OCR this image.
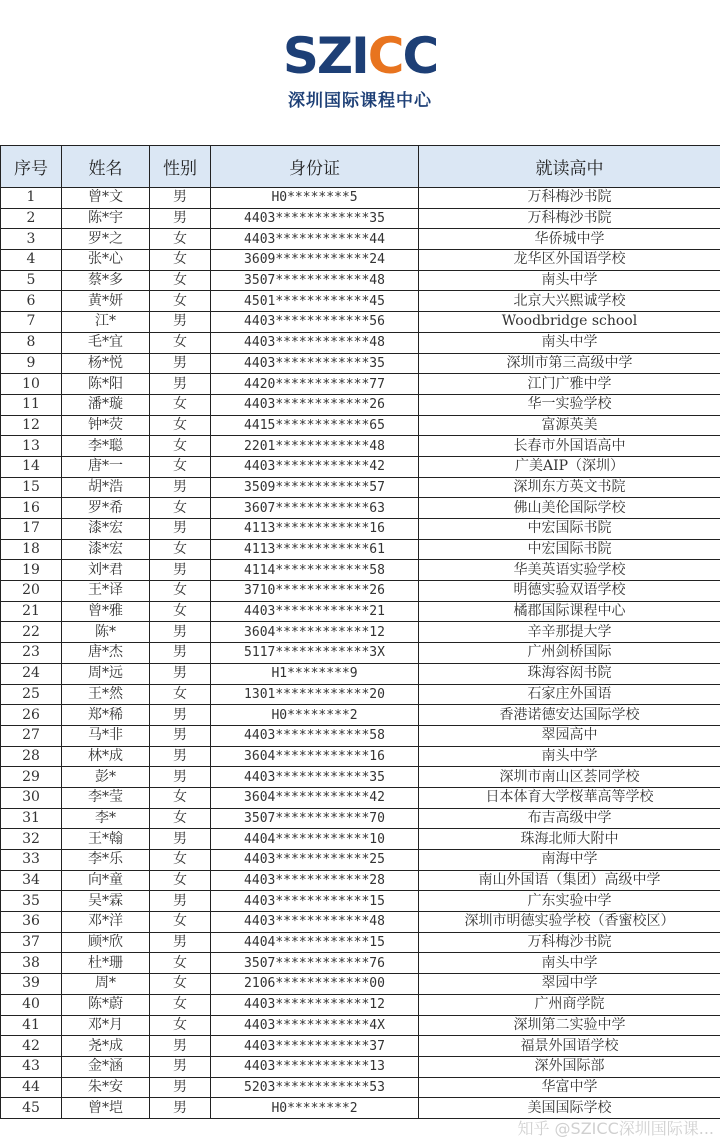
SZICC
深圳国际课程中心
序号	姓名	性别	身份证	就读高中
1	曾*文	男	H0********5	万科梅沙书院
2	陈*宇	男	4403************35	万科梅沙书院
3	罗*之	女	4403************44	华侨城中学
4	张*心	女	3609************24	龙华区外国语学校
5	蔡*多	女	3507************48	南头中学
6	黄*妍	女	4501************45	北京大兴熙诚学校
7	江*	男	4403************56	Woodbridge school
8	毛*宜	女	4403************48	南头中学
9	杨*悦	男	4403************35	深圳市第三高级中学
10	陈*阳	男	4420************77	江门广雅中学
11	潘*璇	女	4403************26	华一实验学校
12	钟*荧	女	4415************65	富源英美
13	李*聪	女	2201************48	长春市外国语高中
14	唐*一	女	4403************42	广美AIP（深圳）
15	胡*浩	男	3509************57	深圳东方英文书院
16	罗*希	女	3607************63	佛山美伦国际学校
17	漆*宏	男	4113************16	中宏国际书院
18	漆*宏	女	4113************61	中宏国际书院
19	刘*君	男	4114************58	华美英语实验学校
20	王*译	女	3710************26	明德实验双语学校
21	曾*雅	女	4403************21	橘郡国际课程中心
22	陈*	男	3604************12	辛辛那提大学
23	唐*杰	男	5117************3X	广州剑桥国际
24	周*远	男	H1********9	珠海容闳书院
25	王*然	女	1301************20	石家庄外国语
26	郑*稀	男	H0********2	香港诺德安达国际学校
27	马*非	男	4403************58	翠园高中
28	林*成	男	3604************16	南头中学
29	彭*	男	4403************35	深圳市南山区荟同学校
30	李*莹	女	3604************42	日本体育大学桜華高等学校
31	李*	女	3507************70	布吉高级中学
32	王*翰	男	4404************10	珠海北师大附中
33	李*乐	女	4403************25	南海中学
34	向*童	女	4403************28	南山外国语（集团）高级中学
35	吴*霖	男	4403************15	广东实验中学
36	邓*洋	女	4403************48	深圳市明德实验学校（香蜜校区）
37	顾*欣	男	4404************15	万科梅沙书院
38	杜*珊	女	3507************76	南头中学
39	周*	女	2106************00	翠园中学
40	陈*蔚	女	4403************12	广州商学院
41	邓*月	女	4403************4X	深圳第二实验中学
42	尧*成	男	4403************37	福景外国语学校
43	金*涵	男	4403************13	深外国际部
44	朱*安	男	5203************53	华富中学
45	曾*垲	男	H0********2	美国国际学校
知乎 @SZICC深圳国际课...
